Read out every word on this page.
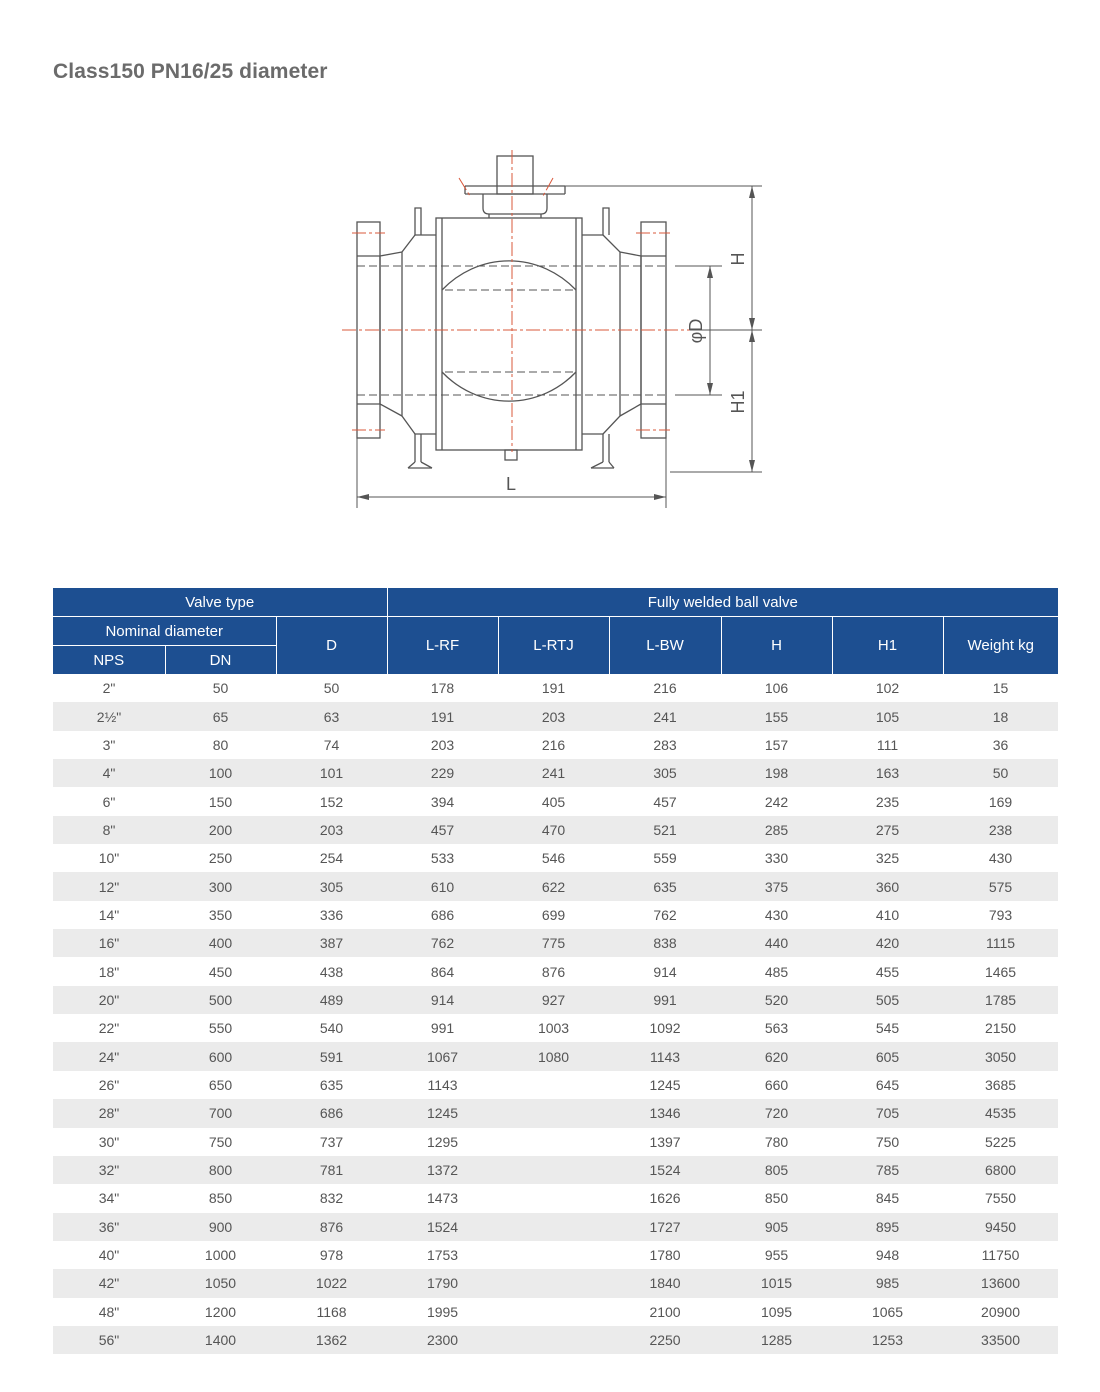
Class150 PN16/25 diameter
H
φD
H1
L
Valve type			Fully welded ball valve					
Nominal diameter		D	L-RF	L-RTJ	L-BW	H	H1	Weight kg
NPS	DN							
2"	50	50	178	191	216	106	102	15
2½"	65	63	191	203	241	155	105	18
3"	80	74	203	216	283	157	111	36
4"	100	101	229	241	305	198	163	50
6"	150	152	394	405	457	242	235	169
8"	200	203	457	470	521	285	275	238
10"	250	254	533	546	559	330	325	430
12"	300	305	610	622	635	375	360	575
14"	350	336	686	699	762	430	410	793
16"	400	387	762	775	838	440	420	1115
18"	450	438	864	876	914	485	455	1465
20"	500	489	914	927	991	520	505	1785
22"	550	540	991	1003	1092	563	545	2150
24"	600	591	1067	1080	1143	620	605	3050
26"	650	635	1143		1245	660	645	3685
28"	700	686	1245		1346	720	705	4535
30"	750	737	1295		1397	780	750	5225
32"	800	781	1372		1524	805	785	6800
34"	850	832	1473		1626	850	845	7550
36"	900	876	1524		1727	905	895	9450
40"	1000	978	1753		1780	955	948	11750
42"	1050	1022	1790		1840	1015	985	13600
48"	1200	1168	1995		2100	1095	1065	20900
56"	1400	1362	2300		2250	1285	1253	33500
